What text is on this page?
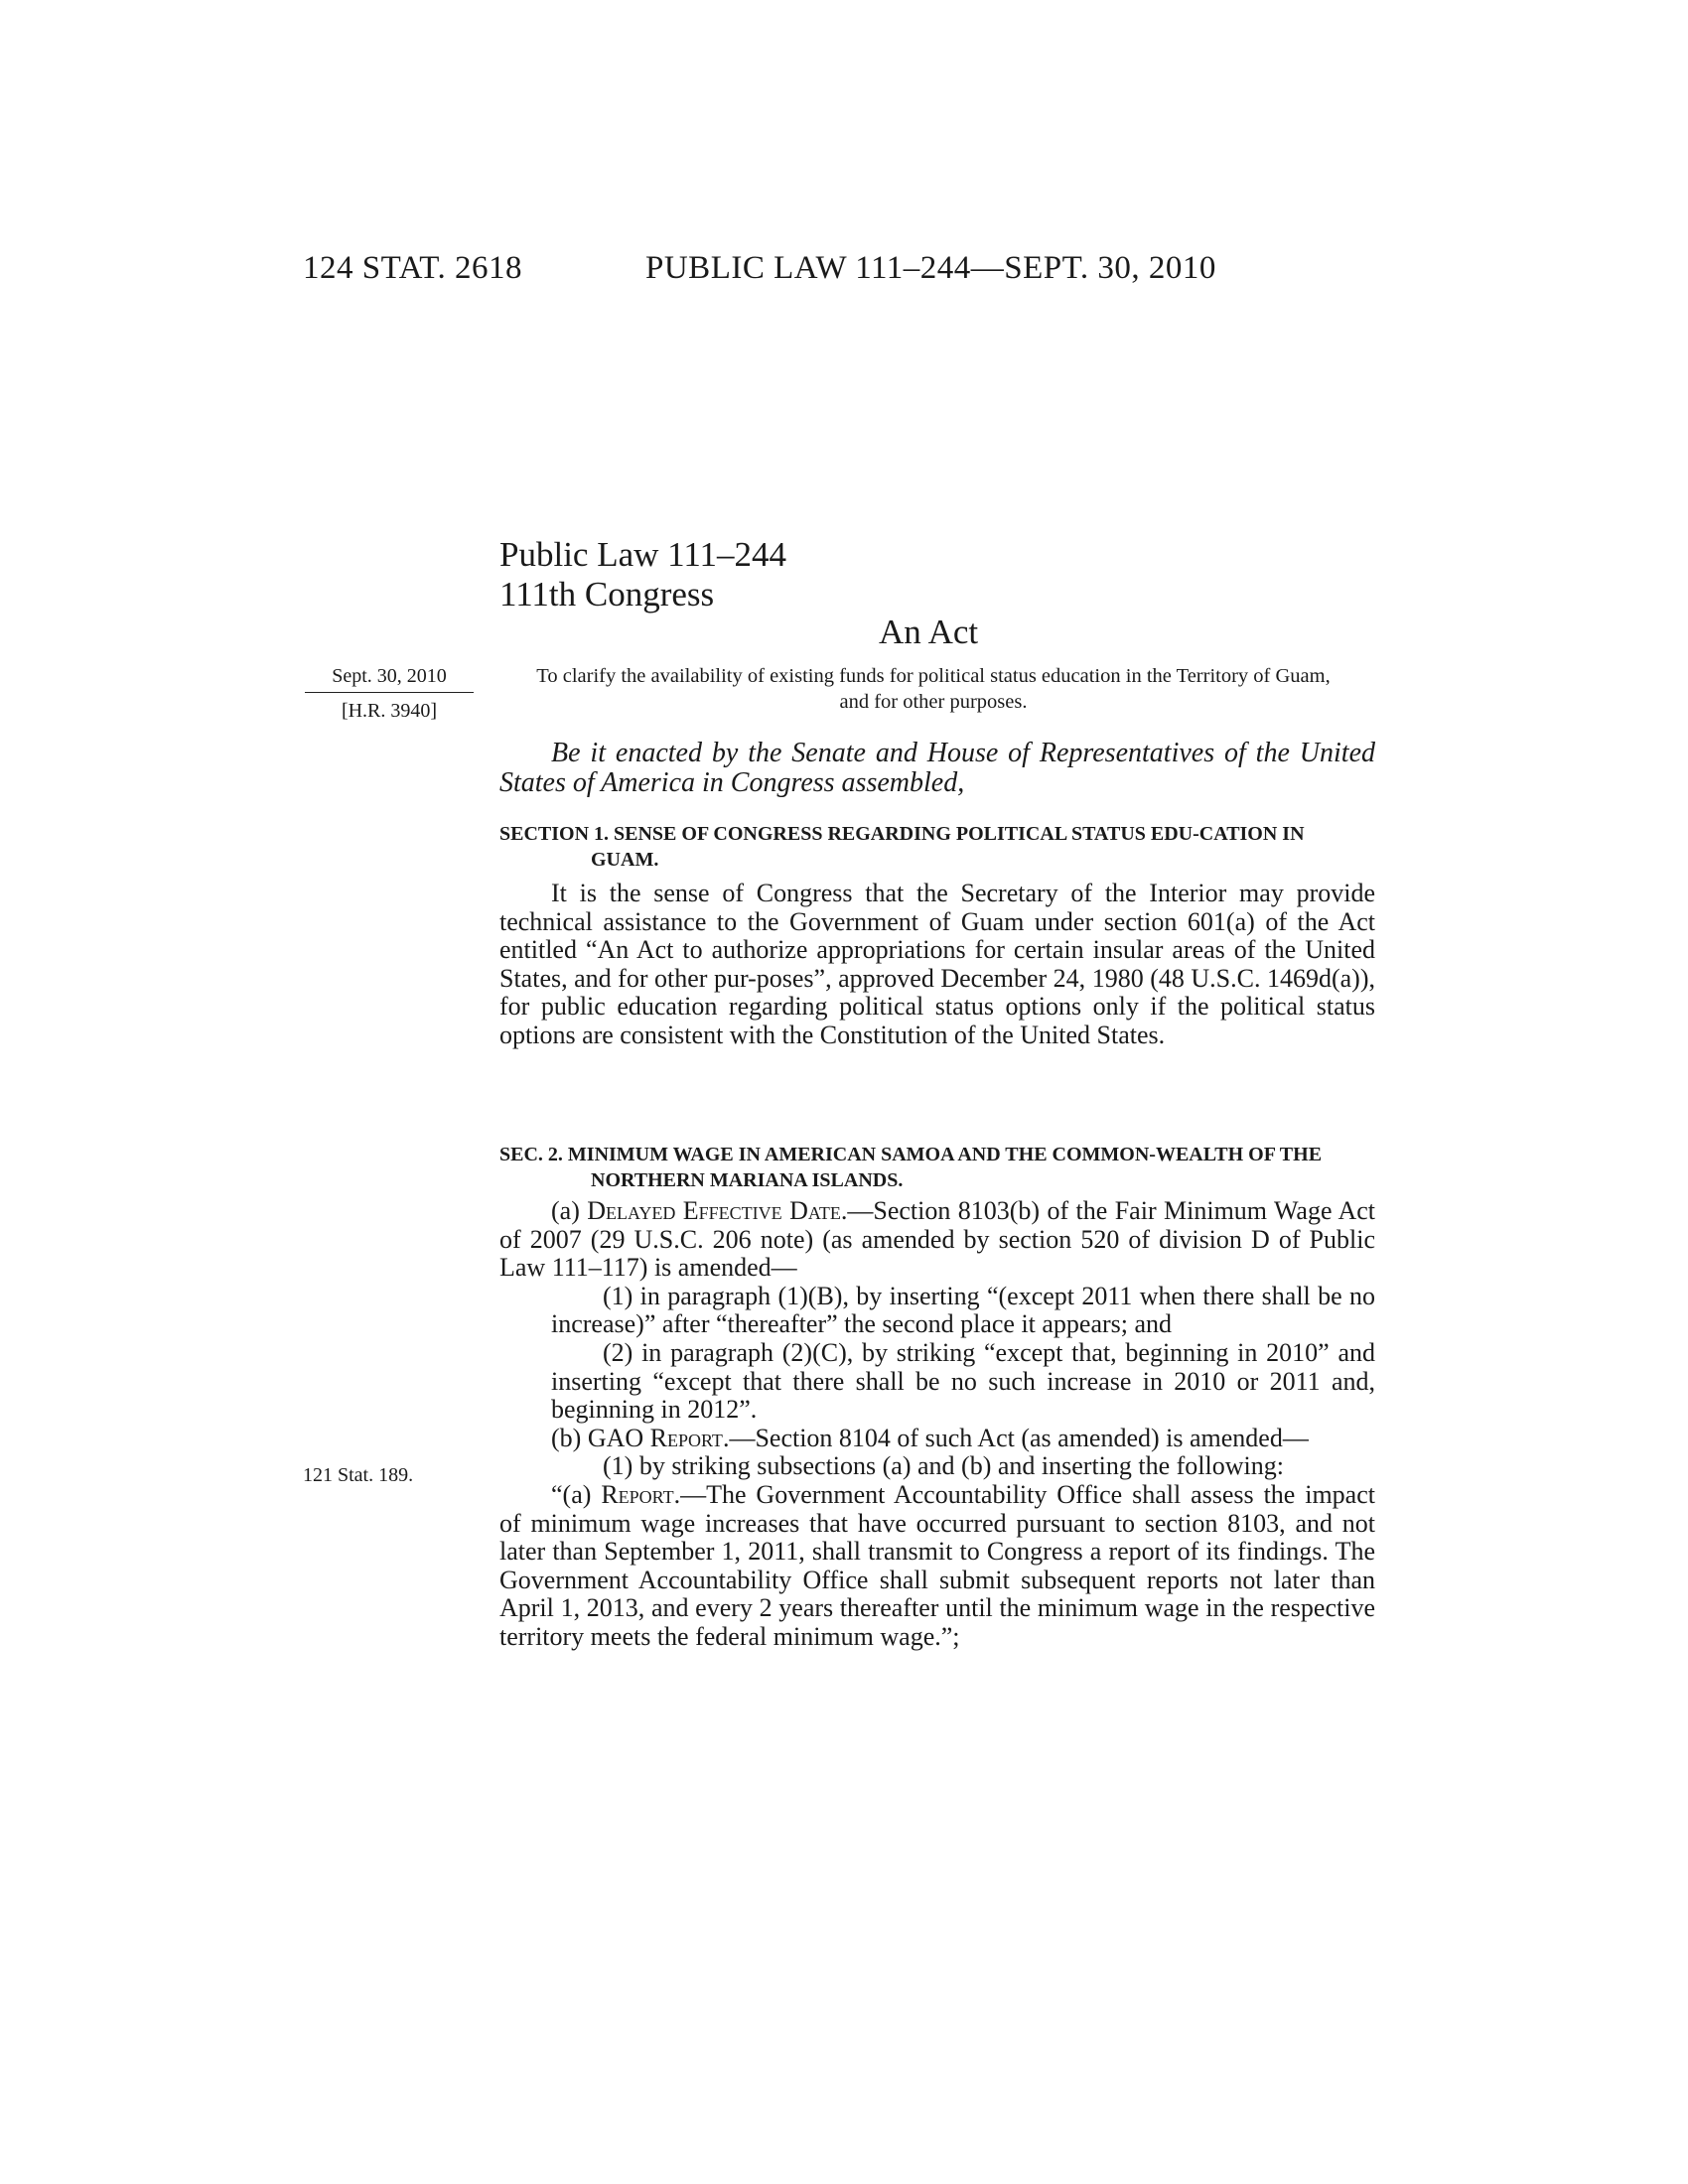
124 STAT. 2618	PUBLIC LAW 111–244—SEPT. 30, 2010
Public Law 111–244
111th Congress
An Act
Sept. 30, 2010
[H.R. 3940]
121 Stat. 189.
To clarify the availability of existing funds for political status education in the Territory of Guam, and for other purposes.
Be it enacted by the Senate and House of Representatives of the United States of America in Congress assembled,
SECTION 1. SENSE OF CONGRESS REGARDING POLITICAL STATUS EDU-CATION IN GUAM.
It is the sense of Congress that the Secretary of the Interior may provide technical assistance to the Government of Guam under section 601(a) of the Act entitled “An Act to authorize appropriations for certain insular areas of the United States, and for other pur-poses”, approved December 24, 1980 (48 U.S.C. 1469d(a)), for public education regarding political status options only if the political status options are consistent with the Constitution of the United States.
SEC. 2. MINIMUM WAGE IN AMERICAN SAMOA AND THE COMMON-WEALTH OF THE NORTHERN MARIANA ISLANDS.
(a) Delayed Effective Date.—Section 8103(b) of the Fair Minimum Wage Act of 2007 (29 U.S.C. 206 note) (as amended by section 520 of division D of Public Law 111–117) is amended—
(1) in paragraph (1)(B), by inserting “(except 2011 when there shall be no increase)” after “thereafter” the second place it appears; and
(2) in paragraph (2)(C), by striking “except that, beginning in 2010” and inserting “except that there shall be no such increase in 2010 or 2011 and, beginning in 2012”.
(b) GAO Report.—Section 8104 of such Act (as amended) is amended—
(1) by striking subsections (a) and (b) and inserting the following:
“(a) Report.—The Government Accountability Office shall assess the impact of minimum wage increases that have occurred pursuant to section 8103, and not later than September 1, 2011, shall transmit to Congress a report of its findings. The Government Accountability Office shall submit subsequent reports not later than April 1, 2013, and every 2 years thereafter until the minimum wage in the respective territory meets the federal minimum wage.”;
